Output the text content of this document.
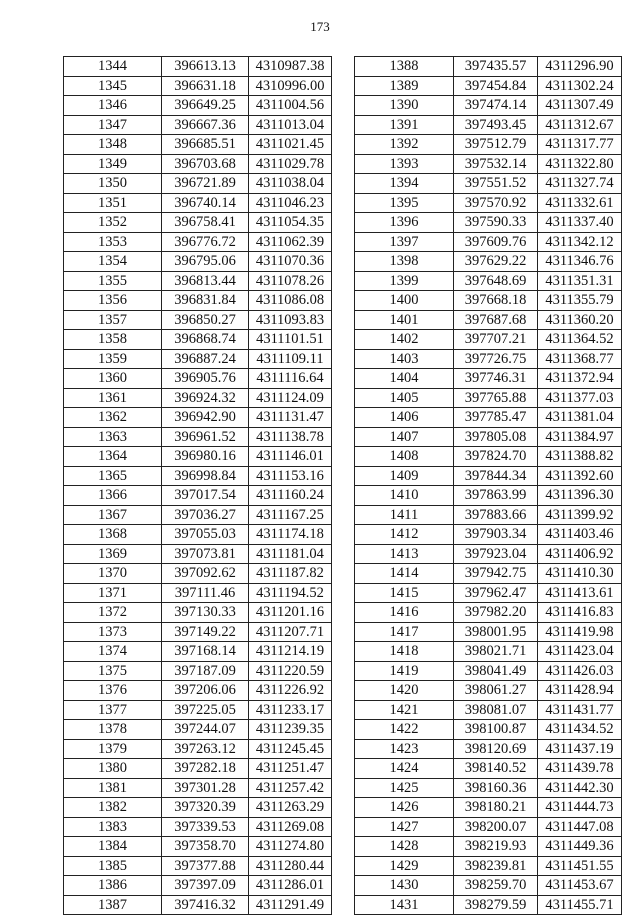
173
1344	396613.13	4310987.38
1345	396631.18	4310996.00
1346	396649.25	4311004.56
1347	396667.36	4311013.04
1348	396685.51	4311021.45
1349	396703.68	4311029.78
1350	396721.89	4311038.04
1351	396740.14	4311046.23
1352	396758.41	4311054.35
1353	396776.72	4311062.39
1354	396795.06	4311070.36
1355	396813.44	4311078.26
1356	396831.84	4311086.08
1357	396850.27	4311093.83
1358	396868.74	4311101.51
1359	396887.24	4311109.11
1360	396905.76	4311116.64
1361	396924.32	4311124.09
1362	396942.90	4311131.47
1363	396961.52	4311138.78
1364	396980.16	4311146.01
1365	396998.84	4311153.16
1366	397017.54	4311160.24
1367	397036.27	4311167.25
1368	397055.03	4311174.18
1369	397073.81	4311181.04
1370	397092.62	4311187.82
1371	397111.46	4311194.52
1372	397130.33	4311201.16
1373	397149.22	4311207.71
1374	397168.14	4311214.19
1375	397187.09	4311220.59
1376	397206.06	4311226.92
1377	397225.05	4311233.17
1378	397244.07	4311239.35
1379	397263.12	4311245.45
1380	397282.18	4311251.47
1381	397301.28	4311257.42
1382	397320.39	4311263.29
1383	397339.53	4311269.08
1384	397358.70	4311274.80
1385	397377.88	4311280.44
1386	397397.09	4311286.01
1387	397416.32	4311291.49
1388	397435.57	4311296.90
1389	397454.84	4311302.24
1390	397474.14	4311307.49
1391	397493.45	4311312.67
1392	397512.79	4311317.77
1393	397532.14	4311322.80
1394	397551.52	4311327.74
1395	397570.92	4311332.61
1396	397590.33	4311337.40
1397	397609.76	4311342.12
1398	397629.22	4311346.76
1399	397648.69	4311351.31
1400	397668.18	4311355.79
1401	397687.68	4311360.20
1402	397707.21	4311364.52
1403	397726.75	4311368.77
1404	397746.31	4311372.94
1405	397765.88	4311377.03
1406	397785.47	4311381.04
1407	397805.08	4311384.97
1408	397824.70	4311388.82
1409	397844.34	4311392.60
1410	397863.99	4311396.30
1411	397883.66	4311399.92
1412	397903.34	4311403.46
1413	397923.04	4311406.92
1414	397942.75	4311410.30
1415	397962.47	4311413.61
1416	397982.20	4311416.83
1417	398001.95	4311419.98
1418	398021.71	4311423.04
1419	398041.49	4311426.03
1420	398061.27	4311428.94
1421	398081.07	4311431.77
1422	398100.87	4311434.52
1423	398120.69	4311437.19
1424	398140.52	4311439.78
1425	398160.36	4311442.30
1426	398180.21	4311444.73
1427	398200.07	4311447.08
1428	398219.93	4311449.36
1429	398239.81	4311451.55
1430	398259.70	4311453.67
1431	398279.59	4311455.71
